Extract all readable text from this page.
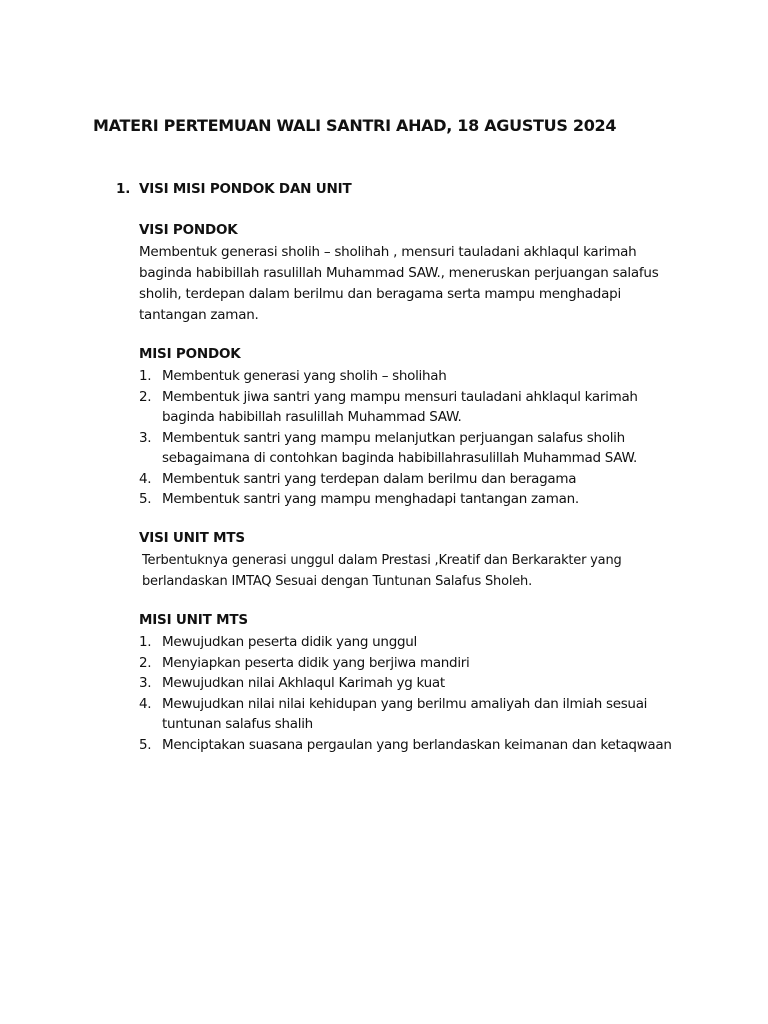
MATERI PERTEMUAN WALI SANTRI AHAD, 18 AGUSTUS 2024
1. VISI MISI PONDOK DAN UNIT
VISI PONDOK

Membentuk generasi sholih – sholihah , mensuri tauladani akhlaqul karimah baginda habibillah rasulillah Muhammad SAW., meneruskan perjuangan salafus sholih, terdepan dalam berilmu dan beragama serta mampu menghadapi tantangan zaman.

MISI PONDOK
1. Membentuk generasi yang sholih – sholihah
2. Membentuk jiwa santri yang mampu mensuri tauladani ahklaqul karimah baginda habibillah rasulillah Muhammad SAW.
3. Membentuk santri yang mampu melanjutkan perjuangan salafus sholih sebagaimana di contohkan baginda habibillahrasulillah Muhammad SAW.
4. Membentuk santri yang terdepan dalam berilmu dan beragama
5. Membentuk santri yang mampu menghadapi tantangan zaman.
VISI UNIT MTS

Terbentuknya generasi unggul dalam Prestasi ,Kreatif dan Berkarakter yang berlandaskan IMTAQ Sesuai dengan Tuntunan Salafus Sholeh.

MISI UNIT MTS
1. Mewujudkan peserta didik yang unggul
2. Menyiapkan peserta didik yang berjiwa mandiri
3. Mewujudkan nilai Akhlaqul Karimah yg kuat
4. Mewujudkan nilai nilai kehidupan yang berilmu amaliyah dan ilmiah sesuai tuntunan salafus shalih
5. Menciptakan suasana pergaulan yang berlandaskan keimanan dan ketaqwaan
